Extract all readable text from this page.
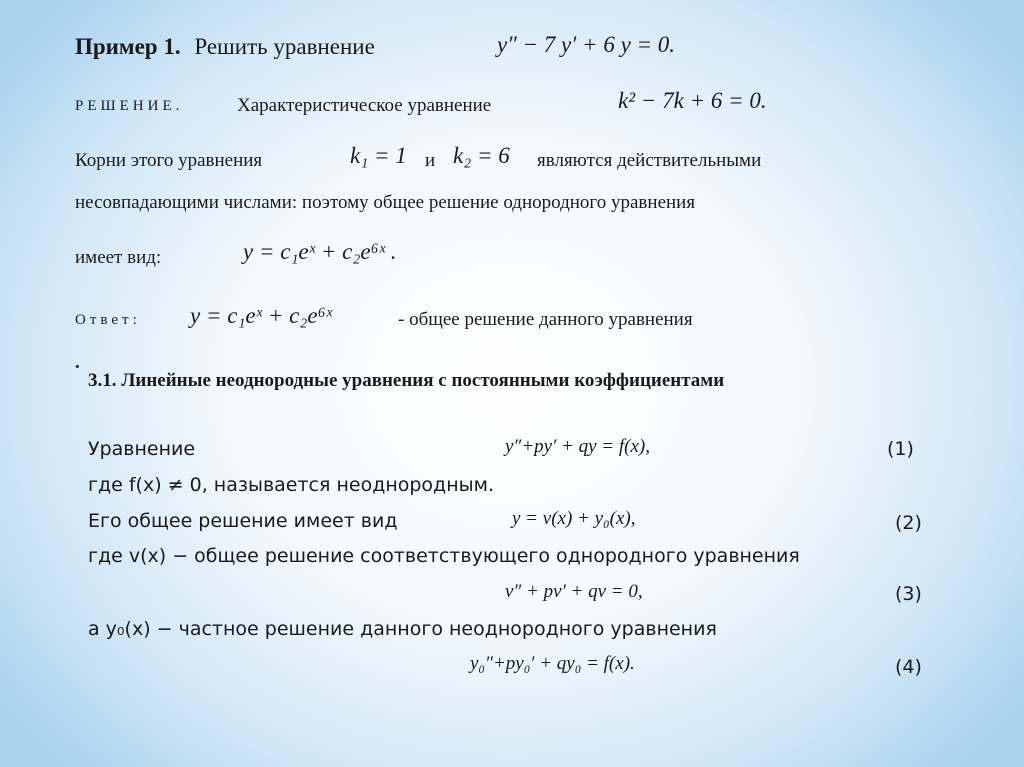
Пример 1. Решить уравнение	y″ − 7 y′ + 6 y = 0.
РЕШЕНИЕ.	Характеристическое уравнение	k² − 7k + 6 = 0.
Корни этого уравнения	k₁ = 1 и k₂ = 6 являются действительными
несовпадающими числами: поэтому общее решение однородного уравнения
имеет вид:	y = c₁eˣ + c₂e⁶ˣ .
Ответ: y = c₁eˣ + c₂e⁶ˣ	- общее решение данного уравнения
· 3.1. Линейные неоднородные уравнения с постоянными коэффициентами
Уравнение	y″+py′ + qy = f(x),	(1)
где f(x) ≠ 0, называется неоднородным.
Его общее решение имеет вид	y = v(x) + y₀(x),	(2)
где v(x) − общее решение соответствующего однородного уравнения
v″ + pv′ + qv = 0,	(3)
а y₀(x) − частное решение данного неоднородного уравнения
y₀″+py₀′ + qy₀ = f(x).	(4)
